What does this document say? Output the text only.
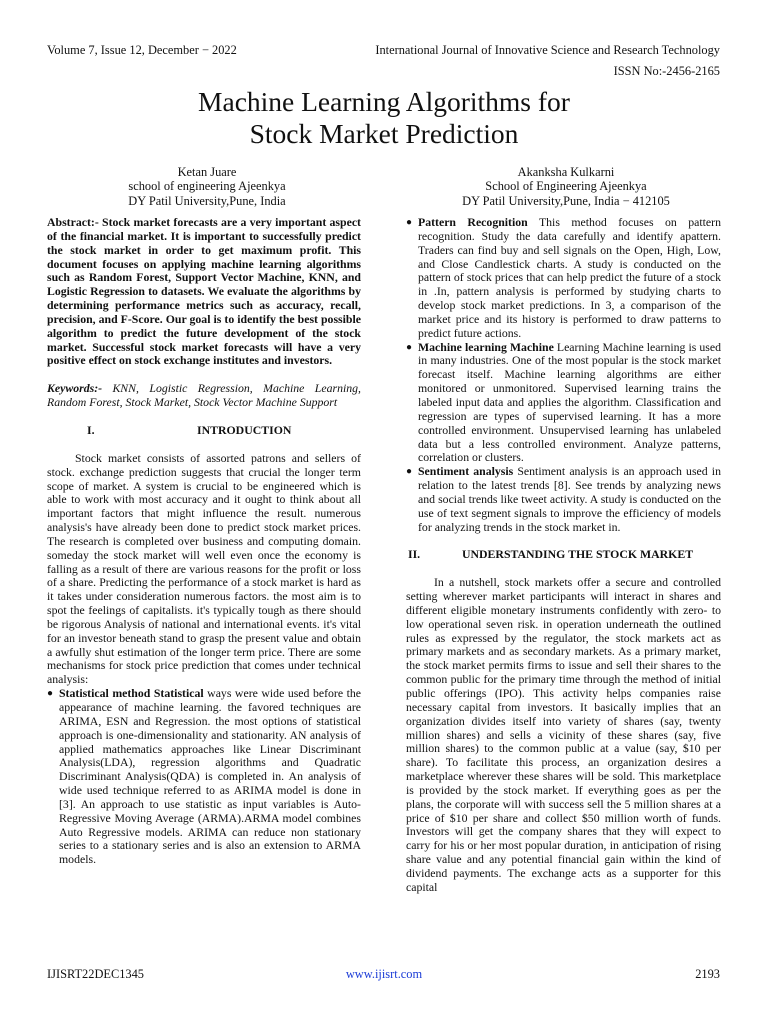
Volume 7, Issue 12, December − 2022	International Journal of Innovative Science and Research Technology
ISSN No:-2456-2165
Machine Learning Algorithms for
Stock Market Prediction
Ketan Juare
school of engineering Ajeenkya
DY Patil University,Pune, India
Akanksha Kulkarni
School of Engineering Ajeenkya
DY Patil University,Pune, India − 412105

Abstract:- Stock market forecasts are a very important aspect of the financial market. It is important to successfully predict the stock market in order to get maximum profit. This document focuses on applying machine learning algorithms such as Random Forest, Support Vector Machine, KNN, and Logistic Regression to datasets. We evaluate the algorithms by determining performance metrics such as accuracy, recall, precision, and F-Score. Our goal is to identify the best possible algorithm to predict the future development of the stock market. Successful stock market forecasts will have a very positive effect on stock exchange institutes and investors.

Keywords:- KNN, Logistic Regression, Machine Learning, Random Forest, Stock Market, Stock Vector Machine Support

I.	INTRODUCTION

Stock market consists of assorted patrons and sellers of stock. exchange prediction suggests that crucial the longer term scope of market. A system is crucial to be engineered which is able to work with most accuracy and it ought to think about all important factors that might influence the result. numerous analysis's have already been done to predict stock market prices. The research is completed over business and computing domain. someday the stock market will well even once the economy is falling as a result of there are various reasons for the profit or loss of a share. Predicting the performance of a stock market is hard as it takes under consideration numerous factors. the most aim is to spot the feelings of capitalists. it's typically tough as there should be rigorous Analysis of national and international events. it's vital for an investor beneath stand to grasp the present value and obtain a awfully shut estimation of the longer term price. There are some mechanisms for stock price prediction that comes under technical analysis:

● Statistical method Statistical ways were wide used before the appearance of machine learning. the favored techniques are ARIMA, ESN and Regression. the most options of statistical approach is one-dimensionality and stationarity. AN analysis of applied mathematics approaches like Linear Discriminant Analysis(LDA), regression algorithms and Quadratic Discriminant Analysis(QDA) is completed in. An analysis of wide used technique referred to as ARIMA model is done in [3]. An approach to use statistic as input variables is Auto-Regressive Moving Average (ARMA).ARMA model combines Auto Regressive models. ARIMA can reduce non stationary series to a stationary series and is also an extension to ARMA models.
● Pattern Recognition This method focuses on pattern recognition. Study the data carefully and identify apattern. Traders can find buy and sell signals on the Open, High, Low, and Close Candlestick charts. A study is conducted on the pattern of stock prices that can help predict the future of a stock in .In, pattern analysis is performed by studying charts to develop stock market predictions. In 3, a comparison of the market price and its history is performed to draw patterns to predict future actions.
● Machine learning Machine Learning Machine learning is used in many industries. One of the most popular is the stock market forecast itself. Machine learning algorithms are either monitored or unmonitored. Supervised learning trains the labeled input data and applies the algorithm. Classification and regression are types of supervised learning. It has a more controlled environment. Unsupervised learning has unlabeled data but a less controlled environment. Analyze patterns, correlation or clusters.
● Sentiment analysis Sentiment analysis is an approach used in relation to the latest trends [8]. See trends by analyzing news and social trends like tweet activity. A study is conducted on the use of text segment signals to improve the efficiency of models for analyzing trends in the stock market in.

II.	UNDERSTANDING THE STOCK MARKET

In a nutshell, stock markets offer a secure and controlled setting wherever market participants will interact in shares and different eligible monetary instruments confidently with zero- to low operational seven risk. in operation underneath the outlined rules as expressed by the regulator, the stock markets act as primary markets and as secondary markets. As a primary market, the stock market permits firms to issue and sell their shares to the common public for the primary time through the method of initial public offerings (IPO). This activity helps companies raise necessary capital from investors. It basically implies that an organization divides itself into variety of shares (say, twenty million shares) and sells a vicinity of these shares (say, five million shares) to the common public at a value (say, $10 per share). To facilitate this process, an organization desires a marketplace wherever these shares will be sold. This marketplace is provided by the stock market. If everything goes as per the plans, the corporate will with success sell the 5 million shares at a price of $10 per share and collect $50 million worth of funds. Investors will get the company shares that they will expect to carry for his or her most popular duration, in anticipation of rising share value and any potential financial gain within the kind of dividend payments. The exchange acts as a supporter for this capital

IJISRT22DEC1345	www.ijisrt.com	2193
